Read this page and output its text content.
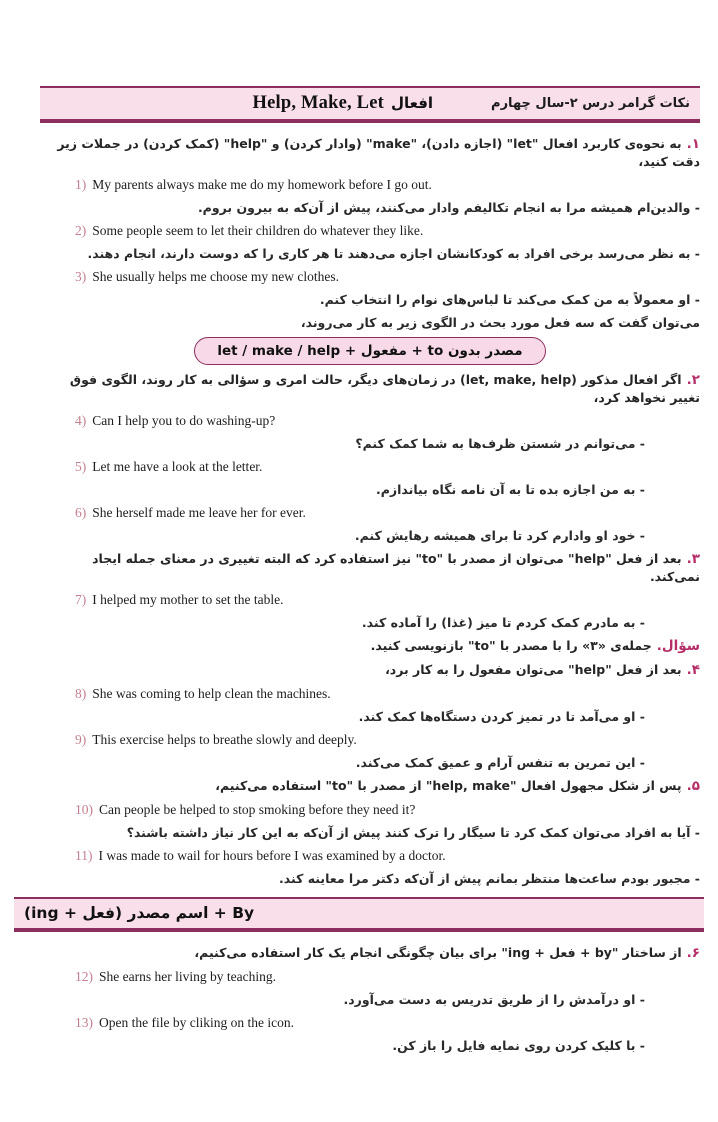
نکات گرامر درس ۲-سال چهارم
افعال
Help, Make, Let
۱.به نحوه‌ی کاربرد افعال "let" (اجازه دادن)، "make" (وادار کردن) و "help" (کمک کردن) در جملات زیر دقت کنید،
1) My parents always make me do my homework before I go out.
- والدین‌ام همیشه مرا به انجام تکالیفم وادار می‌کنند، پیش از آن‌که به بیرون بروم.
2) Some people seem to let their children do whatever they like.
- به نظر می‌رسد برخی افراد به کودکانشان اجازه می‌دهند تا هر کاری را که دوست دارند، انجام دهند.
3) She usually helps me choose my new clothes.
- او معمولاً به من کمک می‌کند تا لباس‌های نوام را انتخاب کنم.
می‌توان گفت که سه فعل مورد بحث در الگوی زیر به کار می‌روند،
مصدر بدون to + مفعول + let / make / help
۲.اگر افعال مذکور (let, make, help) در زمان‌های دیگر، حالت امری و سؤالی به کار روند، الگوی فوق تغییر نخواهد کرد،
4) Can I help you to do washing-up?
- می‌توانم در شستن ظرف‌ها به شما کمک کنم؟
5) Let me have a look at the letter.
- به من اجازه بده تا به آن نامه نگاه بیاندازم.
6) She herself made me leave her for ever.
- خود او وادارم کرد تا برای همیشه رهایش کنم.
۳.بعد از فعل "help" می‌توان از مصدر با "to" نیز استفاده کرد که البته تغییری در معنای جمله ایجاد نمی‌کند.
7) I helped my mother to set the table.
- به مادرم کمک کردم تا میز (غذا) را آماده کند.
سؤال.جمله‌ی «۳» را با مصدر با "to" بازنویسی کنید.
۴.بعد از فعل "help" می‌توان مفعول را به کار برد،
8) She was coming to help clean the machines.
- او می‌آمد تا در تمیز کردن دستگاه‌ها کمک کند.
9) This exercise helps to breathe slowly and deeply.
- این تمرین به تنفس آرام و عمیق کمک می‌کند.
۵.پس از شکل مجهول افعال "help, make" از مصدر با "to" استفاده می‌کنیم،
10) Can people be helped to stop smoking before they need it?
- آیا به افراد می‌توان کمک کرد تا سیگار را ترک کنند پیش از آن‌که به این کار نیاز داشته باشند؟
11) I was made to wail for hours before I was examined by a doctor.
- مجبور بودم ساعت‌ها منتظر بمانم پیش از آن‌که دکتر مرا معاینه کند.
By + اسم مصدر (فعل + ing)
۶.از ساختار "by + فعل + ing" برای بیان چگونگی انجام یک کار استفاده می‌کنیم،
12) She earns her living by teaching.
- او درآمدش را از طریق تدریس به دست می‌آورد.
13) Open the file by cliking on the icon.
- با کلیک کردن روی نمایه فایل را باز کن.
